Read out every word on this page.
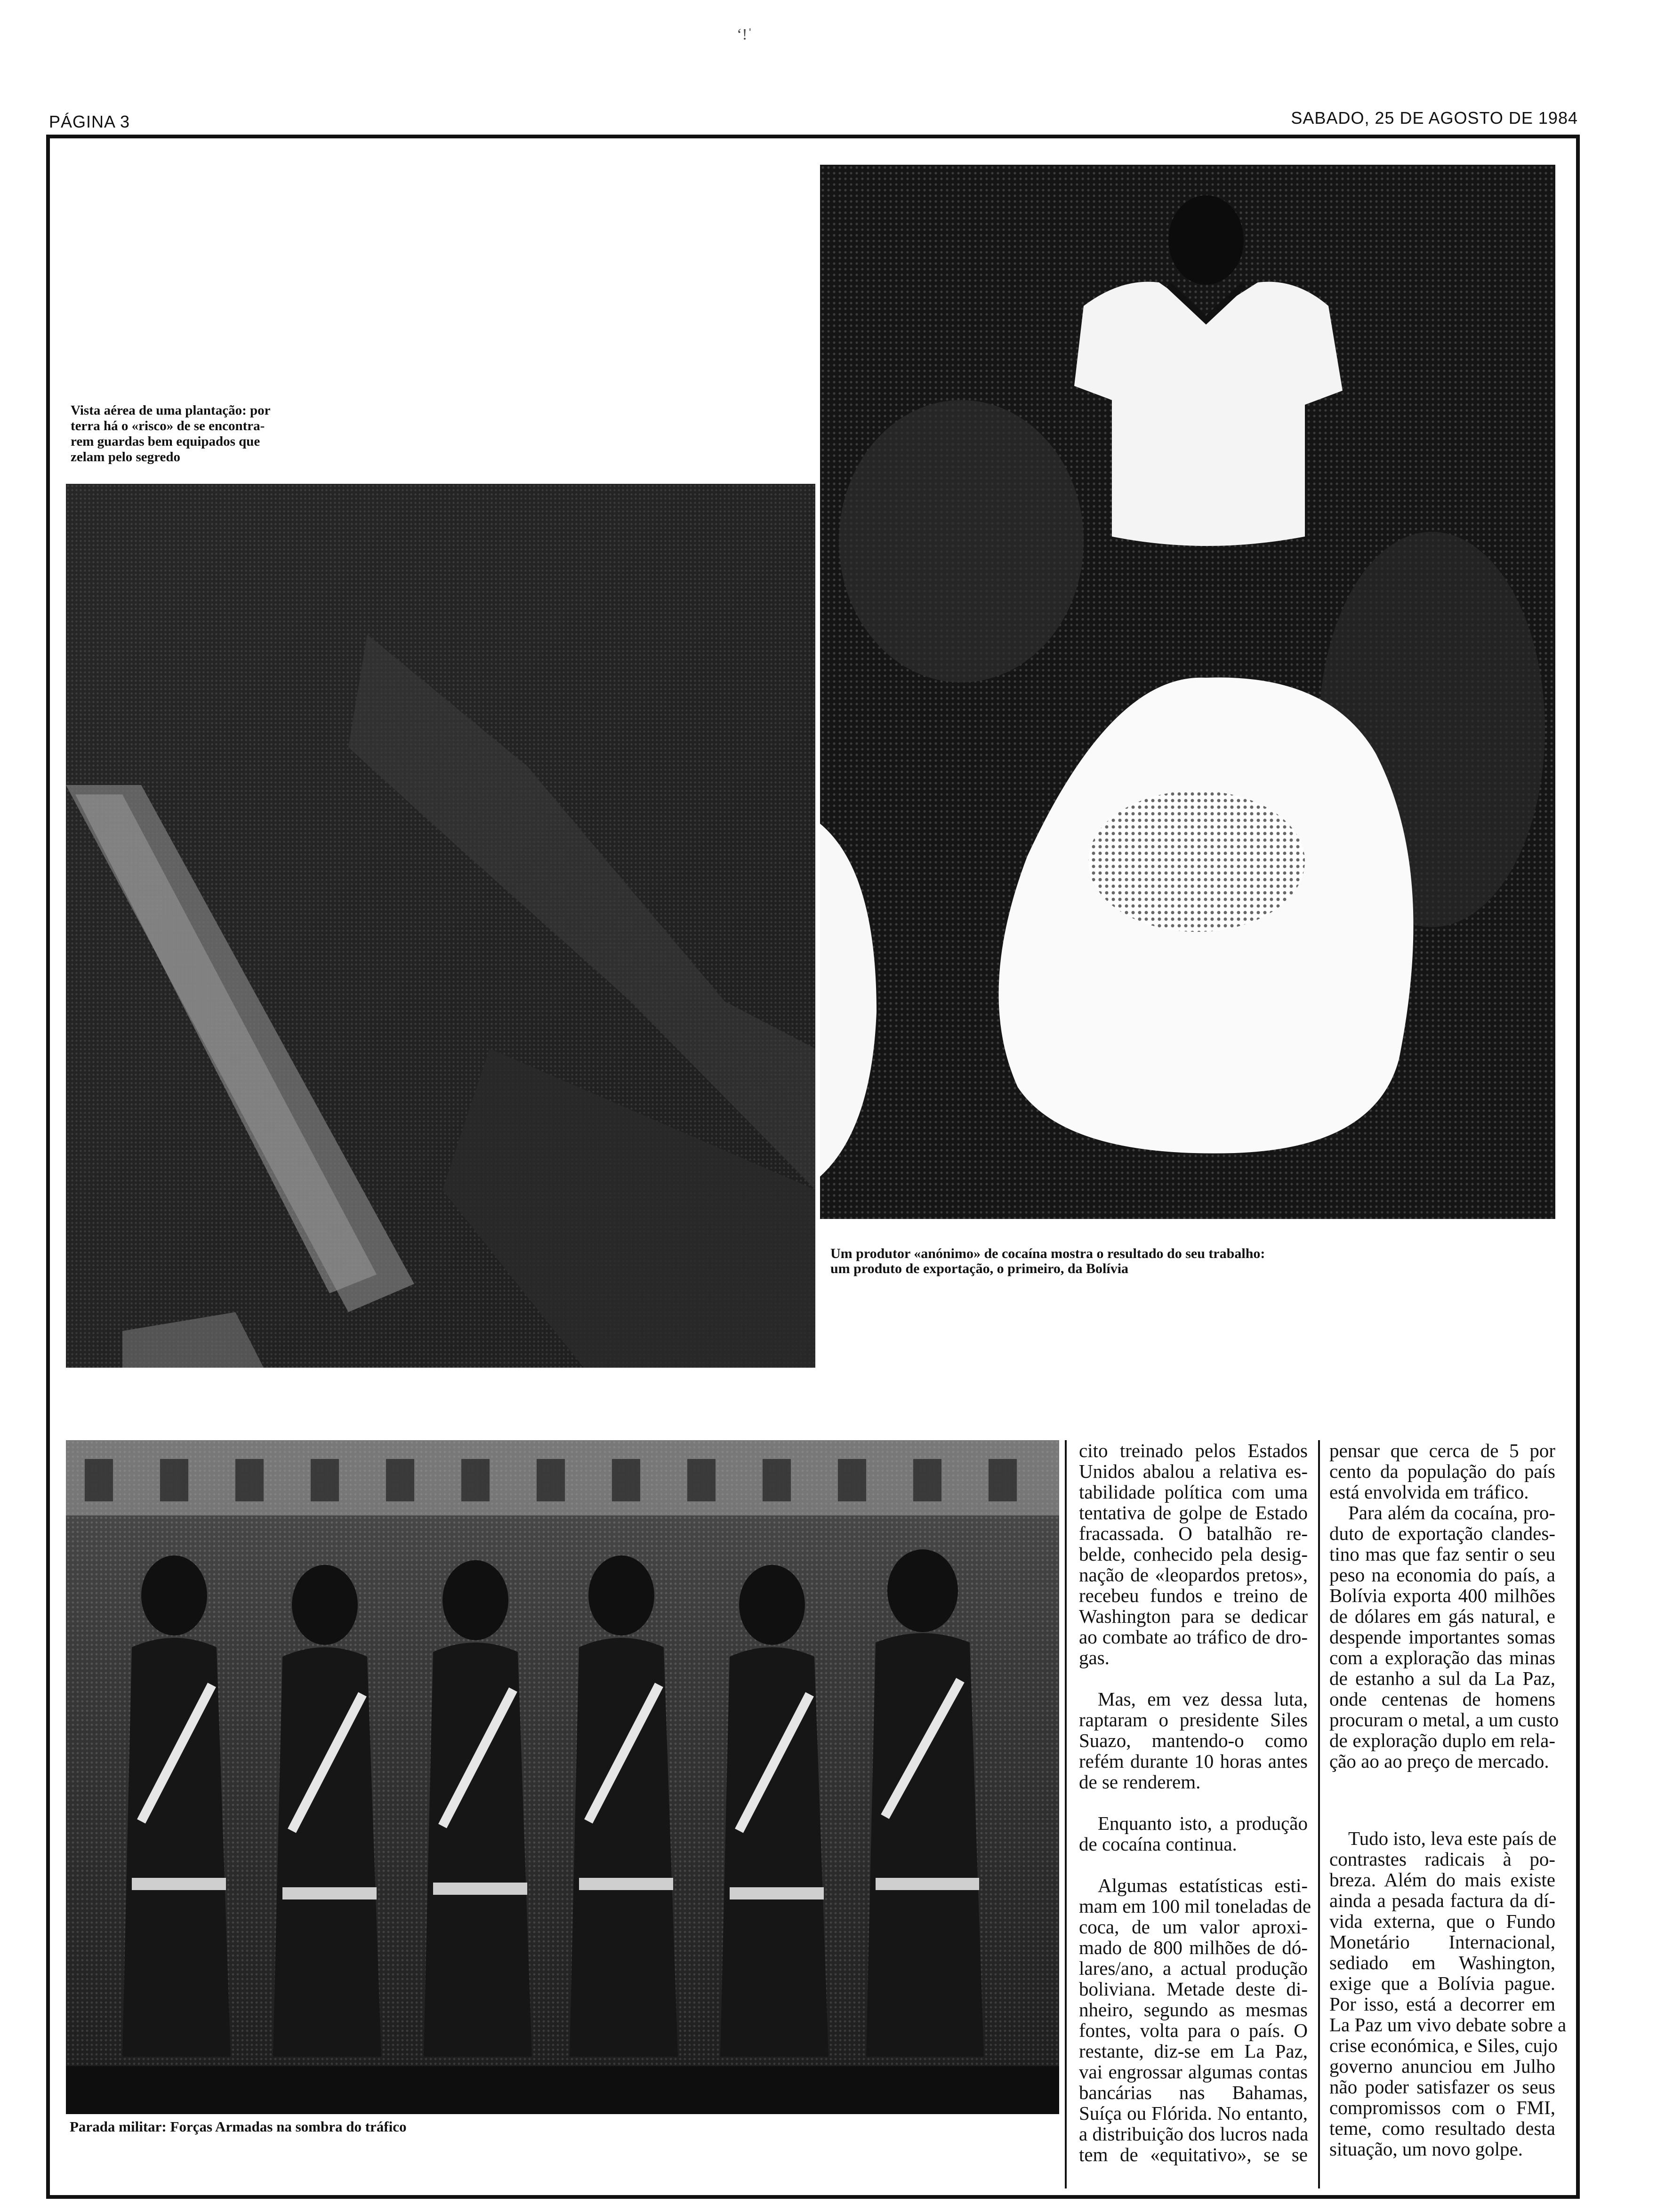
PÁGINA 3	SABADO, 25 DE AGOSTO DE 1984
ʻ!ˈ
Vista aérea de uma plantação: por
terra há o «risco» de se encontra-
rem guardas bem equipados que
zelam pelo segredo
Um produtor «anónimo» de cocaína mostra o resultado do seu trabalho:
um produto de exportação, o primeiro, da Bolívia
Parada militar: Forças Armadas na sombra do tráfico

cito treinado pelos Estados
Unidos abalou a relativa es-
tabilidade política com uma
tentativa de golpe de Estado
fracassada. O batalhão re-
belde, conhecido pela desig-
nação de «leopardos pretos»,
recebeu fundos e treino de
Washington para se dedicar
ao combate ao tráfico de dro-
gas.

Mas, em vez dessa luta,
raptaram o presidente Siles
Suazo, mantendo-o como
refém durante 10 horas antes
de se renderem.

Enquanto isto, a produção
de cocaína continua.

Algumas estatísticas esti-
mam em 100 mil toneladas de
coca, de um valor aproxi-
mado de 800 milhões de dó-
lares/ano, a actual produção
boliviana. Metade deste di-
nheiro, segundo as mesmas
fontes, volta para o país. O
restante, diz-se em La Paz,
vai engrossar algumas contas
bancárias nas Bahamas,
Suíça ou Flórida. No entanto,
a distribuição dos lucros nada
tem de «equitativo», se se

pensar que cerca de 5 por
cento da população do país
está envolvida em tráfico.

Para além da cocaína, pro-
duto de exportação clandes-
tino mas que faz sentir o seu
peso na economia do país, a
Bolívia exporta 400 milhões
de dólares em gás natural, e
despende importantes somas
com a exploração das minas
de estanho a sul da La Paz,
onde centenas de homens
procuram o metal, a um custo
de exploração duplo em rela-
ção ao ao preço de mercado.

Tudo isto, leva este país de
contrastes radicais à po-
breza. Além do mais existe
ainda a pesada factura da dí-
vida externa, que o Fundo
Monetário Internacional,
sediado em Washington,
exige que a Bolívia pague.
Por isso, está a decorrer em
La Paz um vivo debate sobre a
crise económica, e Siles, cujo
governo anunciou em Julho
não poder satisfazer os seus
compromissos com o FMI,
teme, como resultado desta
situação, um novo golpe.
